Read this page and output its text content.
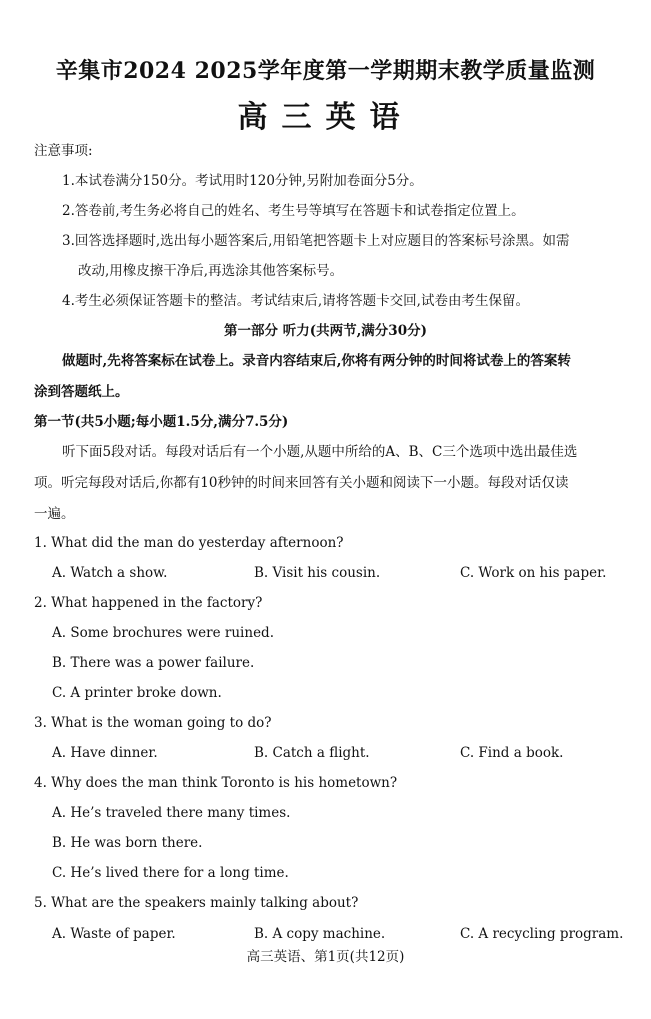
辛集市2024 2025学年度第一学期期末教学质量监测
高三英语
注意事项:
1.本试卷满分150分。考试用时120分钟,另附加卷面分5分。
2.答卷前,考生务必将自己的姓名、考生号等填写在答题卡和试卷指定位置上。
3.回答选择题时,选出每小题答案后,用铅笔把答题卡上对应题目的答案标号涂黑。如需
改动,用橡皮擦干净后,再选涂其他答案标号。
4.考生必须保证答题卡的整洁。考试结束后,请将答题卡交回,试卷由考生保留。
第一部分 听力(共两节,满分30分)
做题时,先将答案标在试卷上。录音内容结束后,你将有两分钟的时间将试卷上的答案转
涂到答题纸上。
第一节(共5小题;每小题1.5分,满分7.5分)
听下面5段对话。每段对话后有一个小题,从题中所给的A、B、C三个选项中选出最佳选
项。听完每段对话后,你都有10秒钟的时间来回答有关小题和阅读下一小题。每段对话仅读
一遍。
1. What did the man do yesterday afternoon?
A. Watch a show.	B. Visit his cousin.	C. Work on his paper.
2. What happened in the factory?
A. Some brochures were ruined.
B. There was a power failure.
C. A printer broke down.
3. What is the woman going to do?
A. Have dinner.	B. Catch a flight.	C. Find a book.
4. Why does the man think Toronto is his hometown?
A. He’s traveled there many times.
B. He was born there.
C. He’s lived there for a long time.
5. What are the speakers mainly talking about?
A. Waste of paper.	B. A copy machine.	C. A recycling program.
高三英语、第1页(共12页)
